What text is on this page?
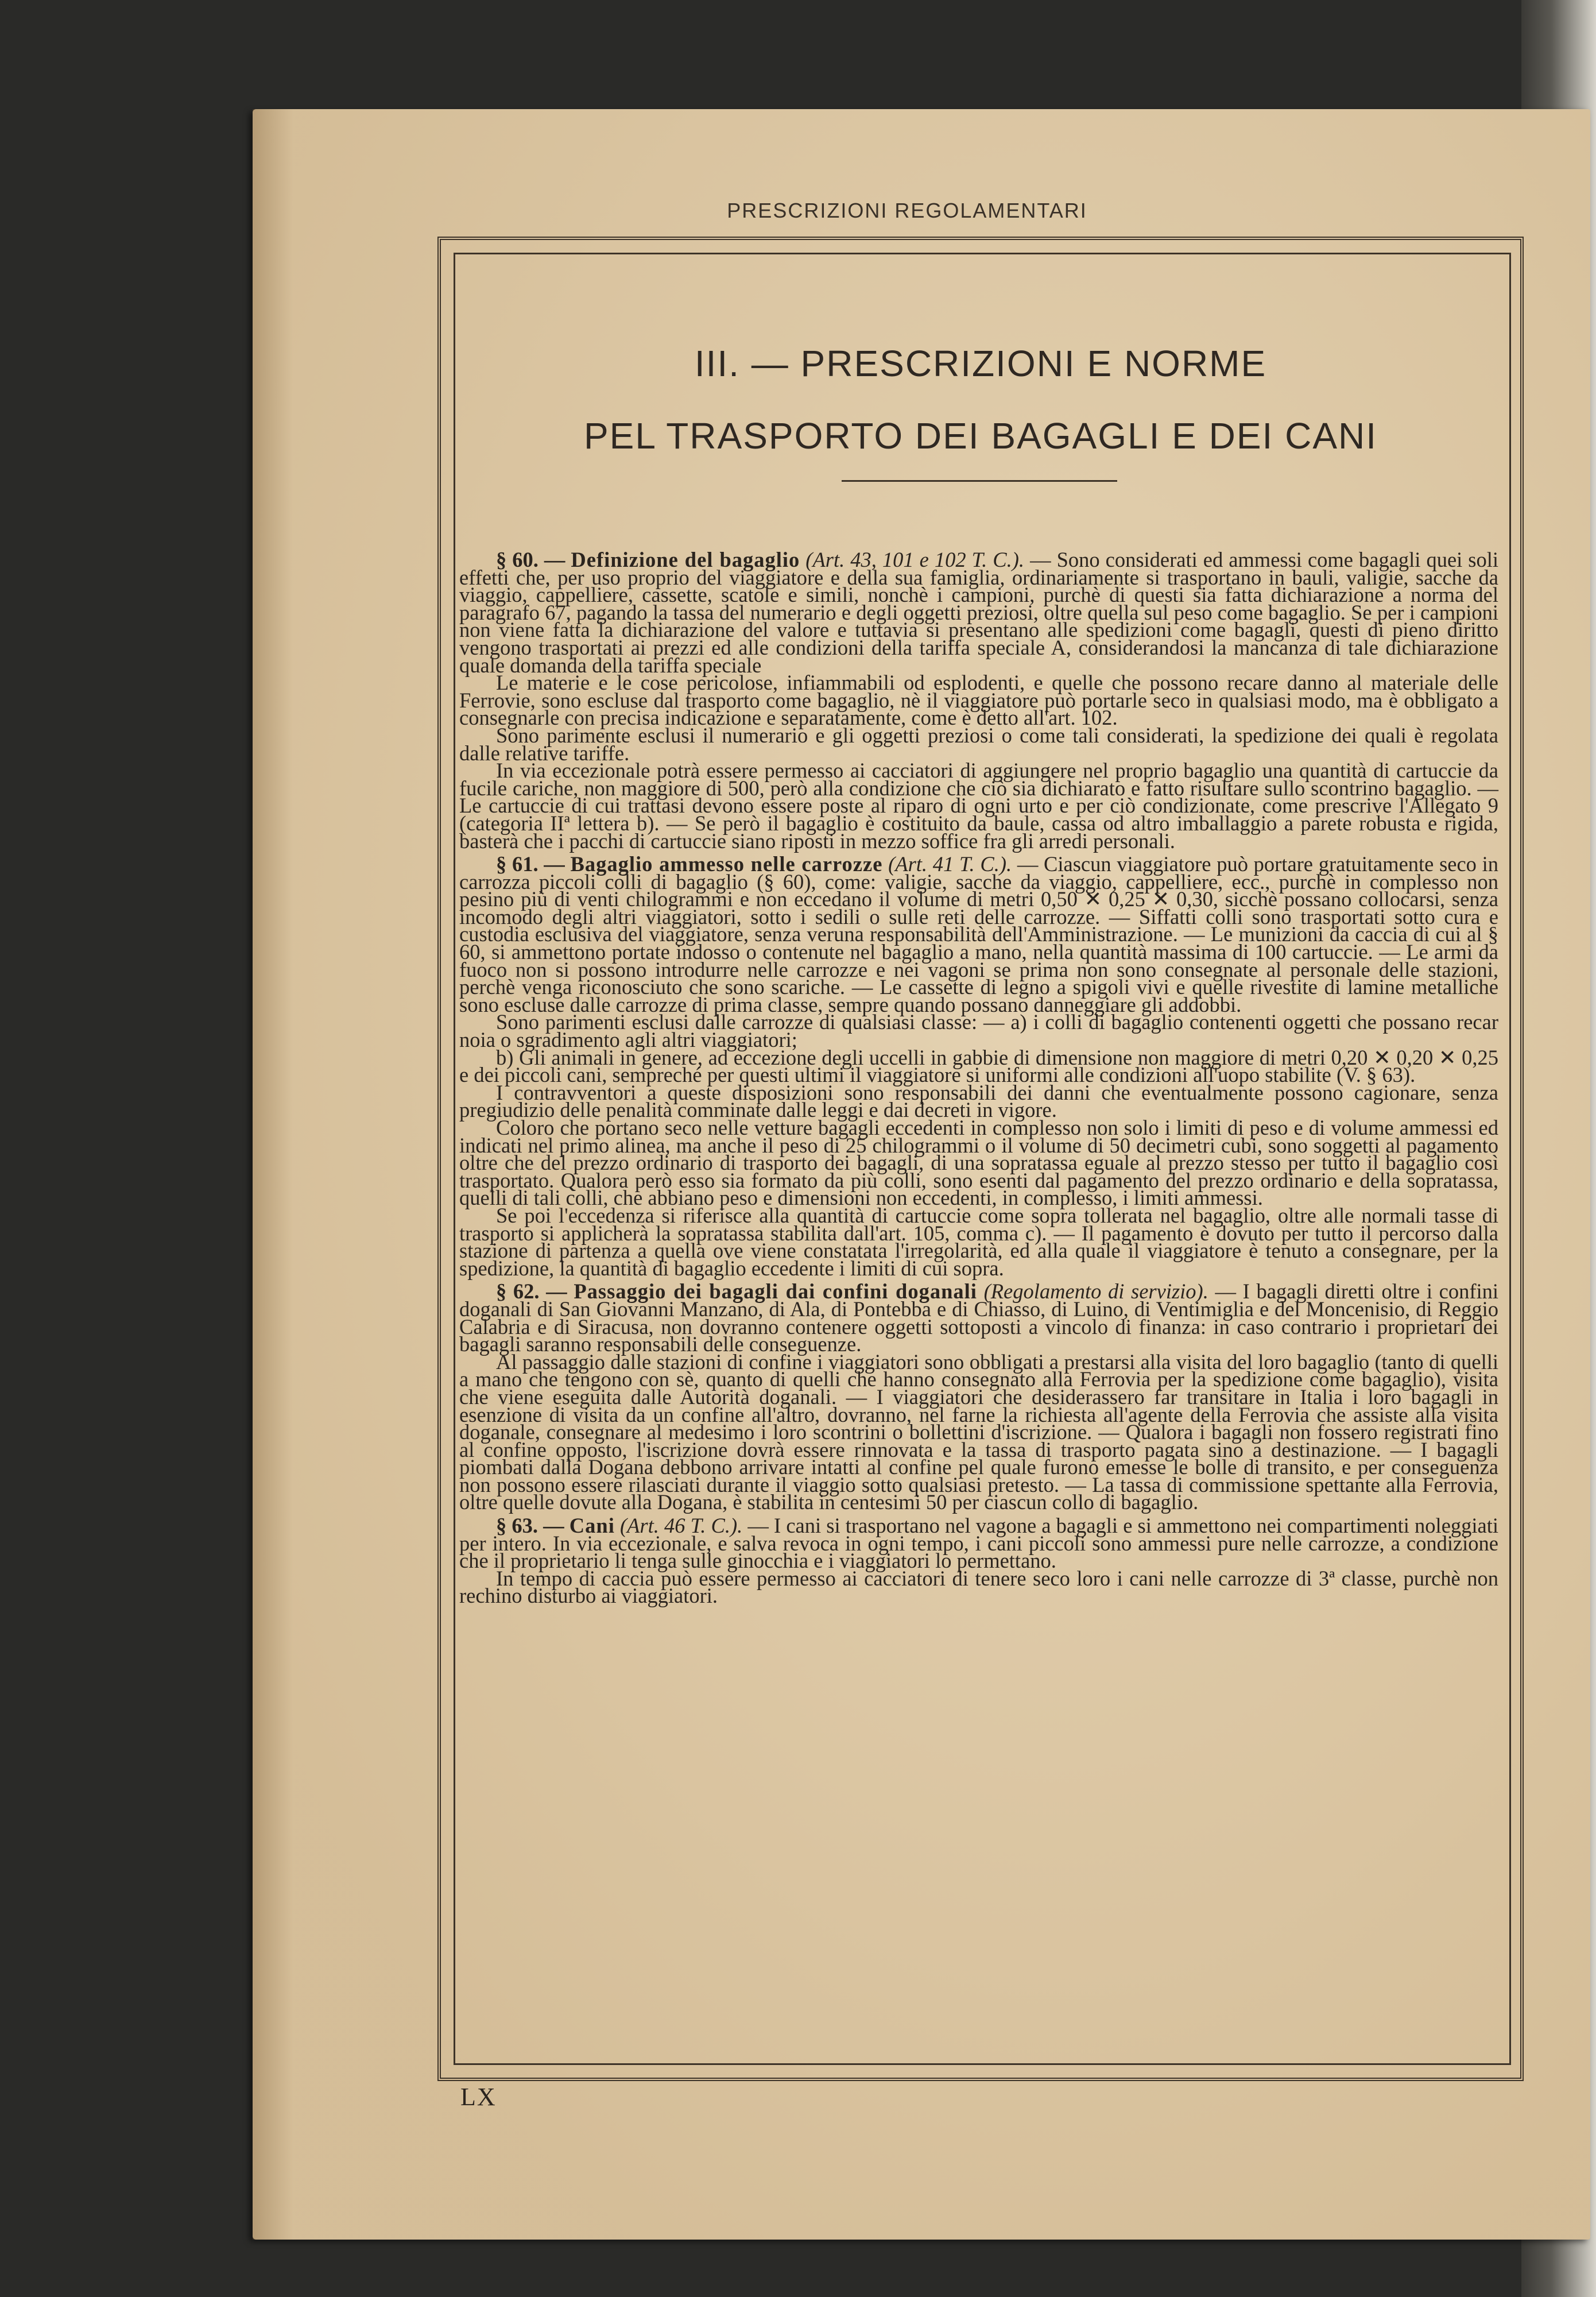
PRESCRIZIONI REGOLAMENTARI
III. — PRESCRIZIONI E NORME
PEL TRASPORTO DEI BAGAGLI E DEI CANI

§ 60. — Definizione del bagaglio (Art. 43, 101 e 102 T. C.). — Sono considerati ed ammessi come bagagli quei soli effetti che, per uso proprio del viaggiatore e della sua famiglia, ordinariamente si trasportano in bauli, valigie, sacche da viaggio, cappelliere, cassette, scatole e simili, nonchè i campioni, purchè di questi sia fatta dichiarazione a norma del paragrafo 67, pagando la tassa del numerario e degli oggetti preziosi, oltre quella sul peso come bagaglio. Se per i campioni non viene fatta la dichiarazione del valore e tuttavia si presentano alle spedizioni come bagagli, questi di pieno diritto vengono trasportati ai prezzi ed alle condizioni della tariffa speciale A, considerandosi la mancanza di tale dichiarazione quale domanda della tariffa speciale

Le materie e le cose pericolose, infiammabili od esplodenti, e quelle che possono recare danno al materiale delle Ferrovie, sono escluse dal trasporto come bagaglio, nè il viaggiatore può portarle seco in qualsiasi modo, ma è obbligato a consegnarle con precisa indicazione e separatamente, come è detto all'art. 102.

Sono parimente esclusi il numerario e gli oggetti preziosi o come tali considerati, la spedizione dei quali è regolata dalle relative tariffe.

In via eccezionale potrà essere permesso ai cacciatori di aggiungere nel proprio bagaglio una quantità di cartuccie da fucile cariche, non maggiore di 500, però alla condizione che ciò sia dichiarato e fatto risultare sullo scontrino bagaglio. — Le cartuccie di cui trattasi devono essere poste al riparo di ogni urto e per ciò condizionate, come prescrive l'Allegato 9 (categoria IIª lettera b). — Se però il bagaglio è costituito da baule, cassa od altro imballaggio a parete robusta e rigida, basterà che i pacchi di cartuccie siano riposti in mezzo soffice fra gli arredi personali.

§ 61. — Bagaglio ammesso nelle carrozze (Art. 41 T. C.). — Ciascun viaggiatore può portare gratuitamente seco in carrozza piccoli colli di bagaglio (§ 60), come: valigie, sacche da viaggio, cappelliere, ecc., purchè in complesso non pesino più di venti chilogrammi e non eccedano il volume di metri 0,50 ✕ 0,25 ✕ 0,30, sicchè possano collocarsi, senza incomodo degli altri viaggiatori, sotto i sedili o sulle reti delle carrozze. — Siffatti colli sono trasportati sotto cura e custodia esclusiva del viaggiatore, senza veruna responsabilità dell'Amministrazione. — Le munizioni da caccia di cui al § 60, si ammettono portate indosso o contenute nel bagaglio a mano, nella quantità massima di 100 cartuccie. — Le armi da fuoco non si possono introdurre nelle carrozze e nei vagoni se prima non sono consegnate al personale delle stazioni, perchè venga riconosciuto che sono scariche. — Le cassette di legno a spigoli vivi e quelle rivestite di lamine metalliche sono escluse dalle carrozze di prima classe, sempre quando possano danneggiare gli addobbi.

Sono parimenti esclusi dalle carrozze di qualsiasi classe: — a) i colli di bagaglio contenenti oggetti che possano recar noia o sgradimento agli altri viaggiatori;

b) Gli animali in genere, ad eccezione degli uccelli in gabbie di dimensione non maggiore di metri 0,20 ✕ 0,20 ✕ 0,25 e dei piccoli cani, sempreché per questi ultimi il viaggiatore si uniformi alle condizioni all'uopo stabilite (V. § 63).

I contravventori a queste disposizioni sono responsabili dei danni che eventualmente possono cagionare, senza pregiudizio delle penalità comminate dalle leggi e dai decreti in vigore.

Coloro che portano seco nelle vetture bagagli eccedenti in complesso non solo i limiti di peso e di volume ammessi ed indicati nel primo alinea, ma anche il peso di 25 chilogrammi o il volume di 50 decimetri cubi, sono soggetti al pagamento oltre che del prezzo ordinario di trasporto dei bagagli, di una sopratassa eguale al prezzo stesso per tutto il bagaglio così trasportato. Qualora però esso sia formato da più colli, sono esenti dal pagamento del prezzo ordinario e della sopratassa, quelli di tali colli, che abbiano peso e dimensioni non eccedenti, in complesso, i limiti ammessi.

Se poi l'eccedenza si riferisce alla quantità di cartuccie come sopra tollerata nel bagaglio, oltre alle normali tasse di trasporto si applicherà la sopratassa stabilita dall'art. 105, comma c). — Il pagamento è dovuto per tutto il percorso dalla stazione di partenza a quella ove viene constatata l'irregolarità, ed alla quale il viaggiatore è tenuto a consegnare, per la spedizione, la quantità di bagaglio eccedente i limiti di cui sopra.

§ 62. — Passaggio dei bagagli dai confini doganali (Regolamento di servizio). — I bagagli diretti oltre i confini doganali di San Giovanni Manzano, di Ala, di Pontebba e di Chiasso, di Luino, di Ventimiglia e del Moncenisio, di Reggio Calabria e di Siracusa, non dovranno contenere oggetti sottoposti a vincolo di finanza: in caso contrario i proprietari dei bagagli saranno responsabili delle conseguenze.

Al passaggio dalle stazioni di confine i viaggiatori sono obbligati a prestarsi alla visita del loro bagaglio (tanto di quelli a mano che tengono con sè, quanto di quelli che hanno consegnato alla Ferrovia per la spedizione come bagaglio), visita che viene eseguita dalle Autorità doganali. — I viaggiatori che desiderassero far transitare in Italia i loro bagagli in esenzione di visita da un confine all'altro, dovranno, nel farne la richiesta all'agente della Ferrovia che assiste alla visita doganale, consegnare al medesimo i loro scontrini o bollettini d'iscrizione. — Qualora i bagagli non fossero registrati fino al confine opposto, l'iscrizione dovrà essere rinnovata e la tassa di trasporto pagata sino a destinazione. — I bagagli piombati dalla Dogana debbono arrivare intatti al confine pel quale furono emesse le bolle di transito, e per conseguenza non possono essere rilasciati durante il viaggio sotto qualsiasi pretesto. — La tassa di commissione spettante alla Ferrovia, oltre quelle dovute alla Dogana, è stabilita in centesimi 50 per ciascun collo di bagaglio.

§ 63. — Cani (Art. 46 T. C.). — I cani si trasportano nel vagone a bagagli e si ammettono nei compartimenti noleggiati per intero. In via eccezionale, e salva revoca in ogni tempo, i cani piccoli sono ammessi pure nelle carrozze, a condizione che il proprietario li tenga sulle ginocchia e i viaggiatori lo permettano.

In tempo di caccia può essere permesso ai cacciatori di tenere seco loro i cani nelle carrozze di 3ª classe, purchè non rechino disturbo ai viaggiatori.

LX
